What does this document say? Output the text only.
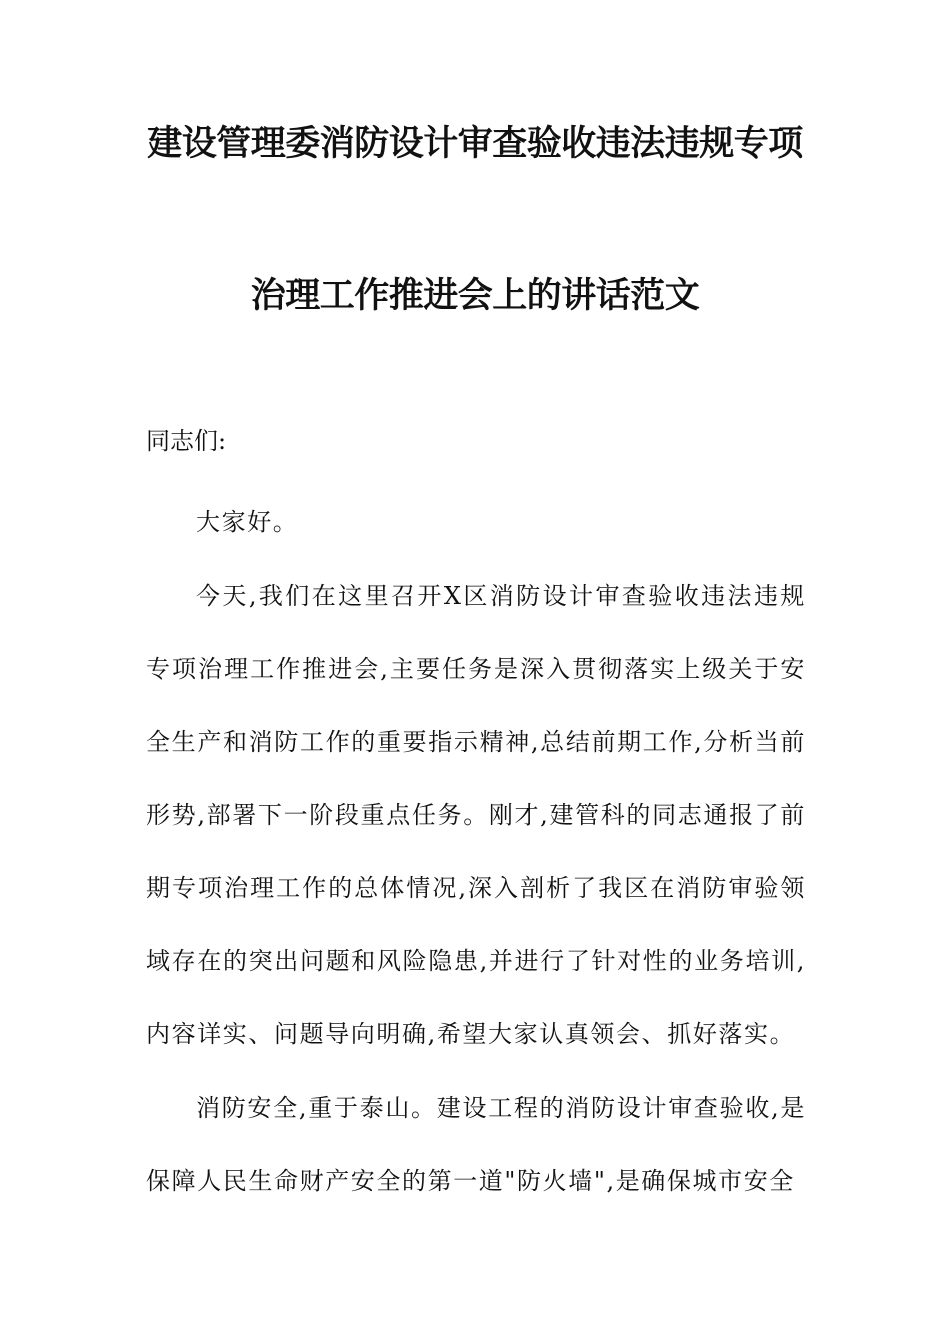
建设管理委消防设计审查验收违法违规专项
治理工作推进会上的讲话范文
同志们:

大家好。

今天,我们在这里召开X区消防设计审查验收违法违规专项治理工作推进会,主要任务是深入贯彻落实上级关于安全生产和消防工作的重要指示精神,总结前期工作,分析当前形势,部署下一阶段重点任务。刚才,建管科的同志通报了前期专项治理工作的总体情况,深入剖析了我区在消防审验领域存在的突出问题和风险隐患,并进行了针对性的业务培训,内容详实、问题导向明确,希望大家认真领会、抓好落实。

消防安全,重于泰山。建设工程的消防设计审查验收,是保障人民生命财产安全的第一道"防火墙",是确保城市安全
